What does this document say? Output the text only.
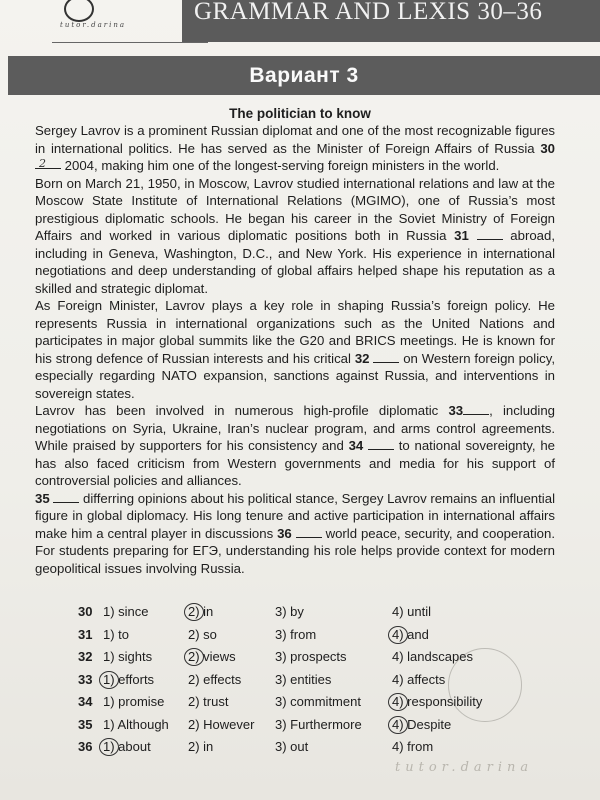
tutor.darina	GRAMMAR AND LEXIS 30–36
Вариант 3
The politician to know

Sergey Lavrov is a prominent Russian diplomat and one of the most recognizable figures in international politics. He has served as the Minister of Foreign Affairs of Russia 30 $^2$ 2004, making him one of the longest-serving foreign ministers in the world.

Born on March 21, 1950, in Moscow, Lavrov studied international relations and law at the Moscow State Institute of International Relations (MGIMO), one of Russia’s most prestigious diplomatic schools. He began his career in the Soviet Ministry of Foreign Affairs and worked in various diplomatic positions both in Russia 31	abroad, including in Geneva, Washington, D.C., and New York. His experience in international negotiations and deep understanding of global affairs helped shape his reputation as a skilled and strategic diplomat.

As Foreign Minister, Lavrov plays a key role in shaping Russia’s foreign policy. He represents Russia in international organizations such as the United Nations and participates in major global summits like the G20 and BRICS meetings. He is known for his strong defence of Russian interests and his critical 32	on Western foreign policy, especially regarding NATO expansion, sanctions against Russia, and interventions in sovereign states.

Lavrov has been involved in numerous high-profile diplomatic 33 , including negotiations on Syria, Ukraine, Iran’s nuclear program, and arms control agreements. While praised by supporters for his consistency and 34	to national sovereignty, he has also faced criticism from Western governments and media for his support of controversial policies and alliances.

35	differring opinions about his political stance, Sergey Lavrov remains an influential figure in global diplomacy. His long tenure and active participation in international affairs make him a central player in discussions 36	world peace, security, and cooperation. For students preparing for ЕГЭ, understanding his role helps provide context for modern geopolitical issues involving Russia.

30 1) since	2) in	3) by	4) until
31 1) to	2) so	3) from	4) and
32 1) sights	2) views	3) prospects	4) landscapes
33 1) efforts	2) effects	3) entities	4) affects
34 1) promise 2) trust	3) commitment 4) responsibility
35 1) Although 2) However 3) Furthermore 4) Despite
36 1) about	2) in	3) out	4) from
tutor.darina
